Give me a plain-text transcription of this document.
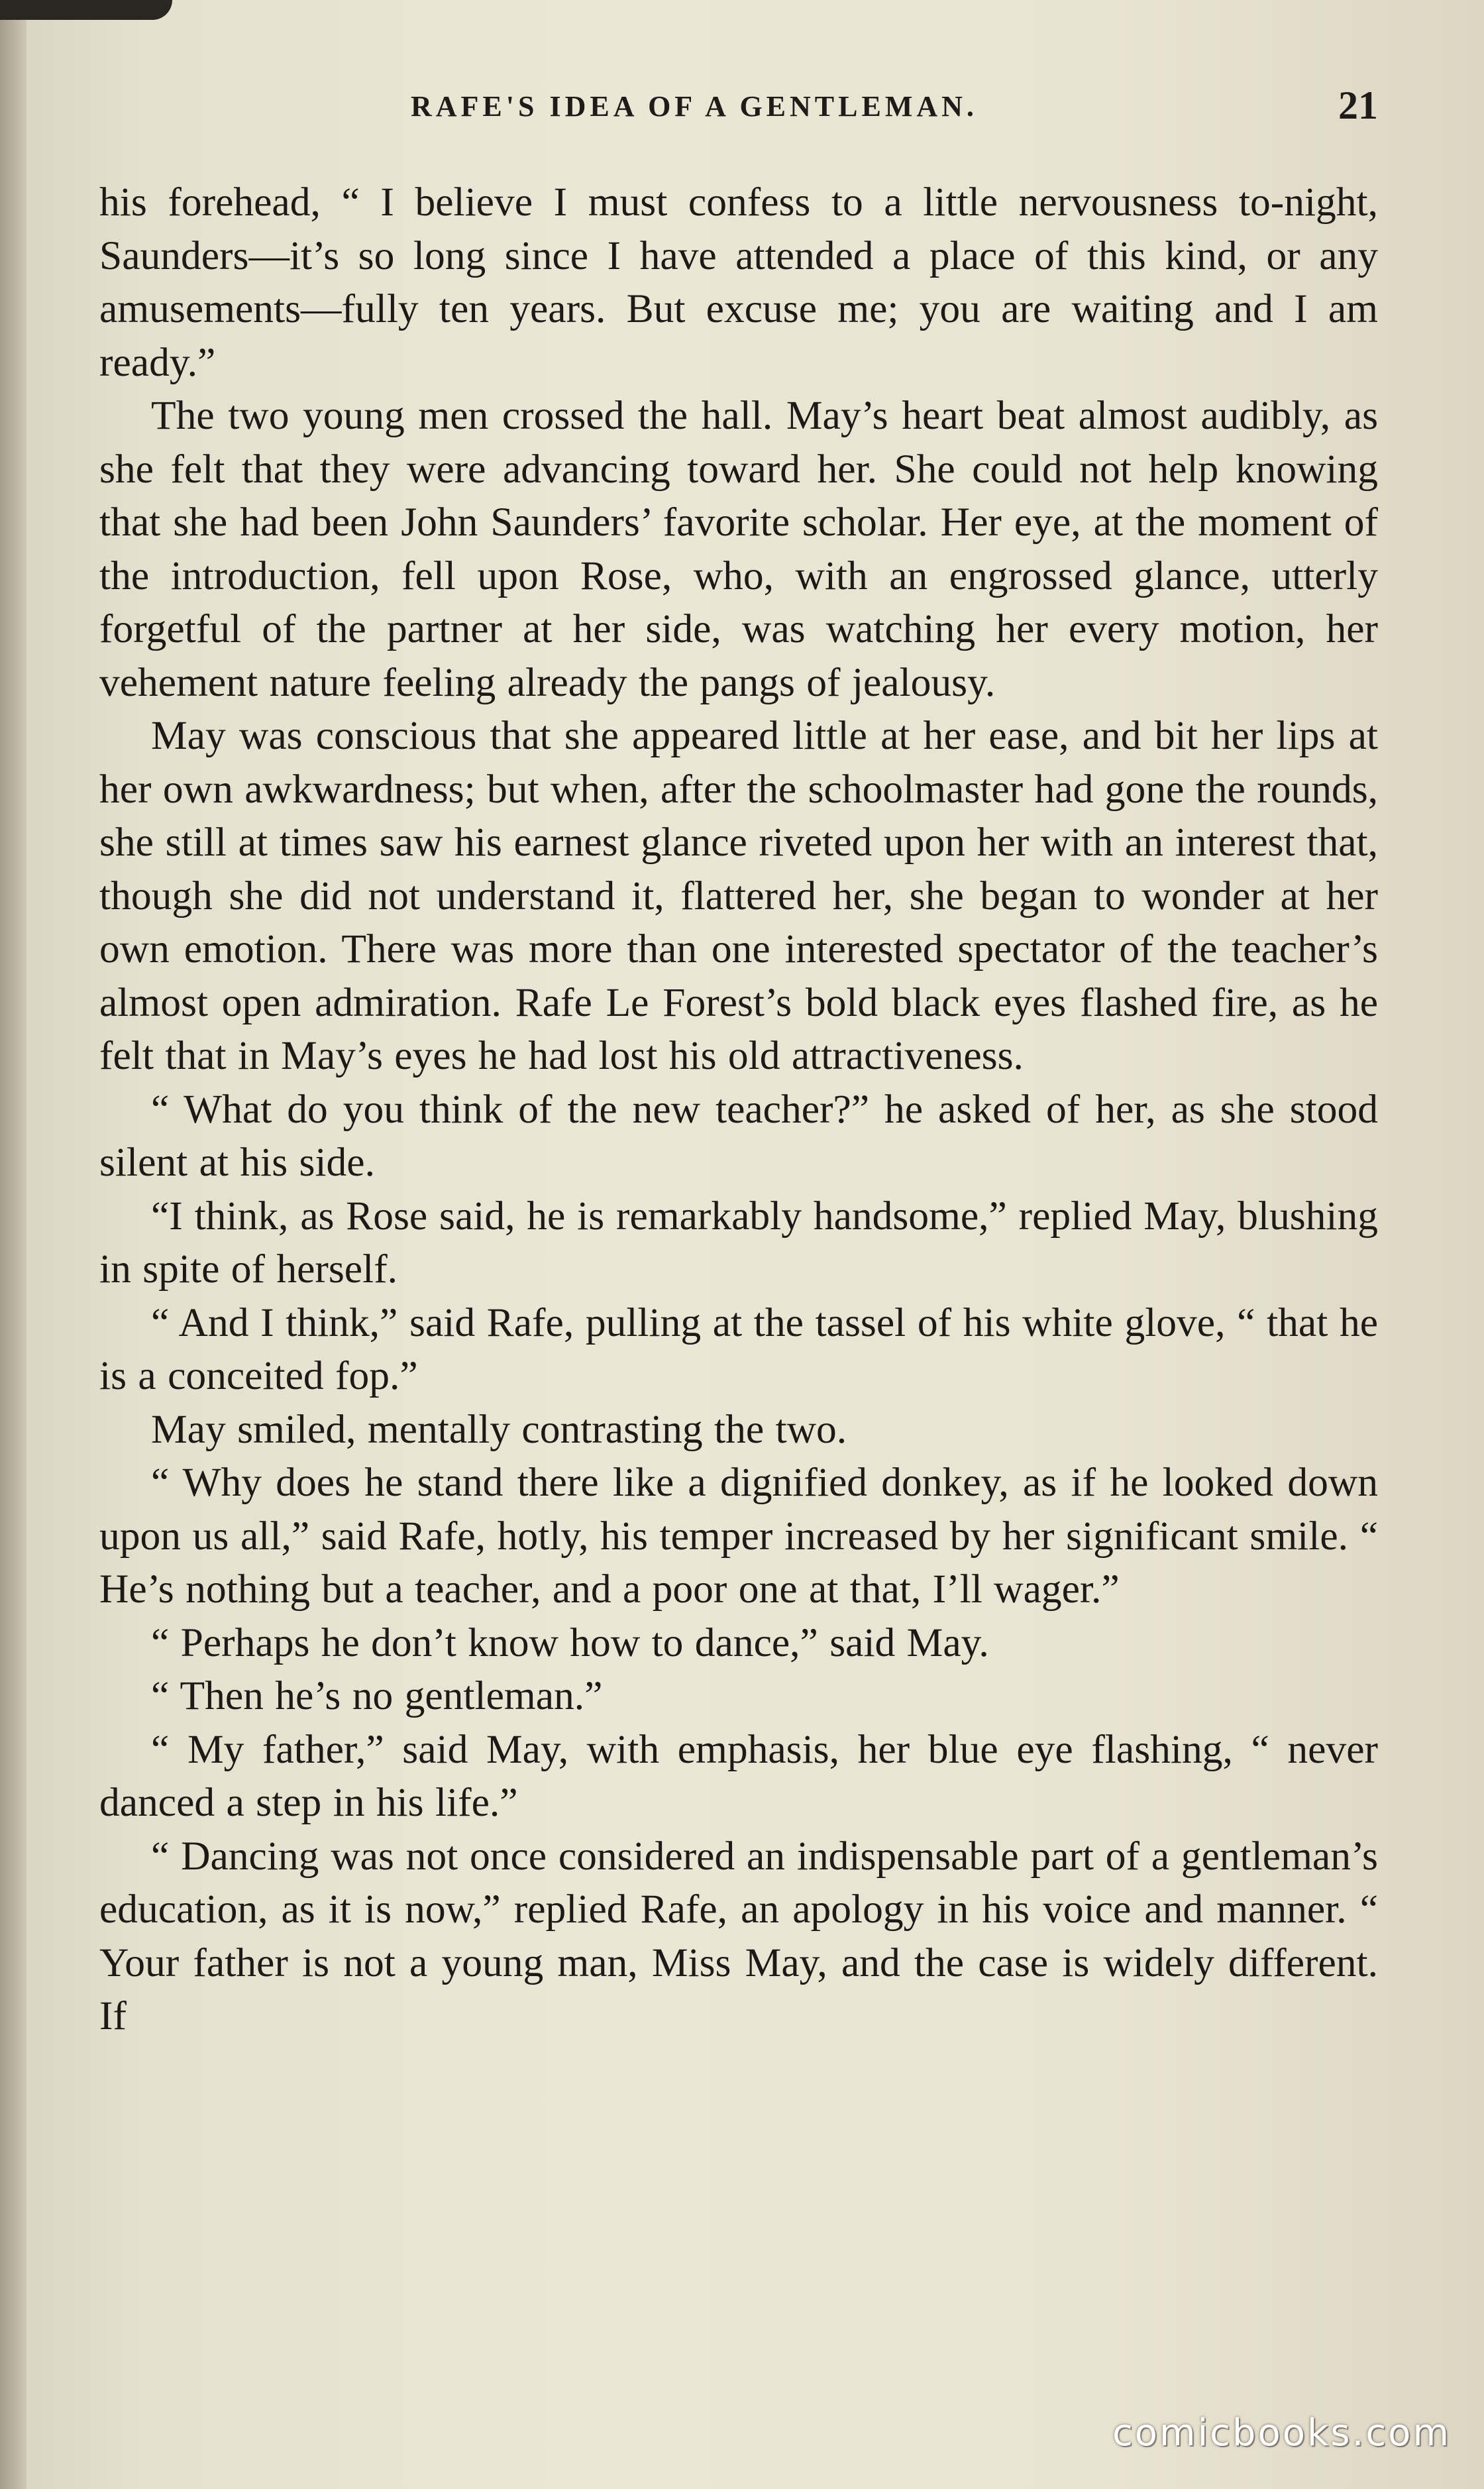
RAFE'S IDEA OF A GENTLEMAN.	21

his forehead, “ I believe I must confess to a little nervousness to-night, Saunders—it’s so long since I have attended a place of this kind, or any amusements—fully ten years. But excuse me; you are waiting and I am ready.”

The two young men crossed the hall. May’s heart beat almost audibly, as she felt that they were advancing toward her. She could not help knowing that she had been John Saunders’ favorite scholar. Her eye, at the moment of the introduction, fell upon Rose, who, with an engrossed glance, utterly forgetful of the partner at her side, was watching her every motion, her vehement nature feeling already the pangs of jealousy.

May was conscious that she appeared little at her ease, and bit her lips at her own awkwardness; but when, after the schoolmaster had gone the rounds, she still at times saw his earnest glance riveted upon her with an interest that, though she did not understand it, flattered her, she began to wonder at her own emotion. There was more than one interested spectator of the teacher’s almost open admiration. Rafe Le Forest’s bold black eyes flashed fire, as he felt that in May’s eyes he had lost his old attractiveness.

“ What do you think of the new teacher?” he asked of her, as she stood silent at his side.

“I think, as Rose said, he is remarkably handsome,” replied May, blushing in spite of herself.

“ And I think,” said Rafe, pulling at the tassel of his white glove, “ that he is a conceited fop.”

May smiled, mentally contrasting the two.

“ Why does he stand there like a dignified donkey, as if he looked down upon us all,” said Rafe, hotly, his temper increased by her significant smile. “ He’s nothing but a teacher, and a poor one at that, I’ll wager.”

“ Perhaps he don’t know how to dance,” said May.

“ Then he’s no gentleman.”

“ My father,” said May, with emphasis, her blue eye flashing, “ never danced a step in his life.”

“ Dancing was not once considered an indispensable part of a gentleman’s education, as it is now,” replied Rafe, an apology in his voice and manner. “ Your father is not a young man, Miss May, and the case is widely different. If

comicbooks.com
